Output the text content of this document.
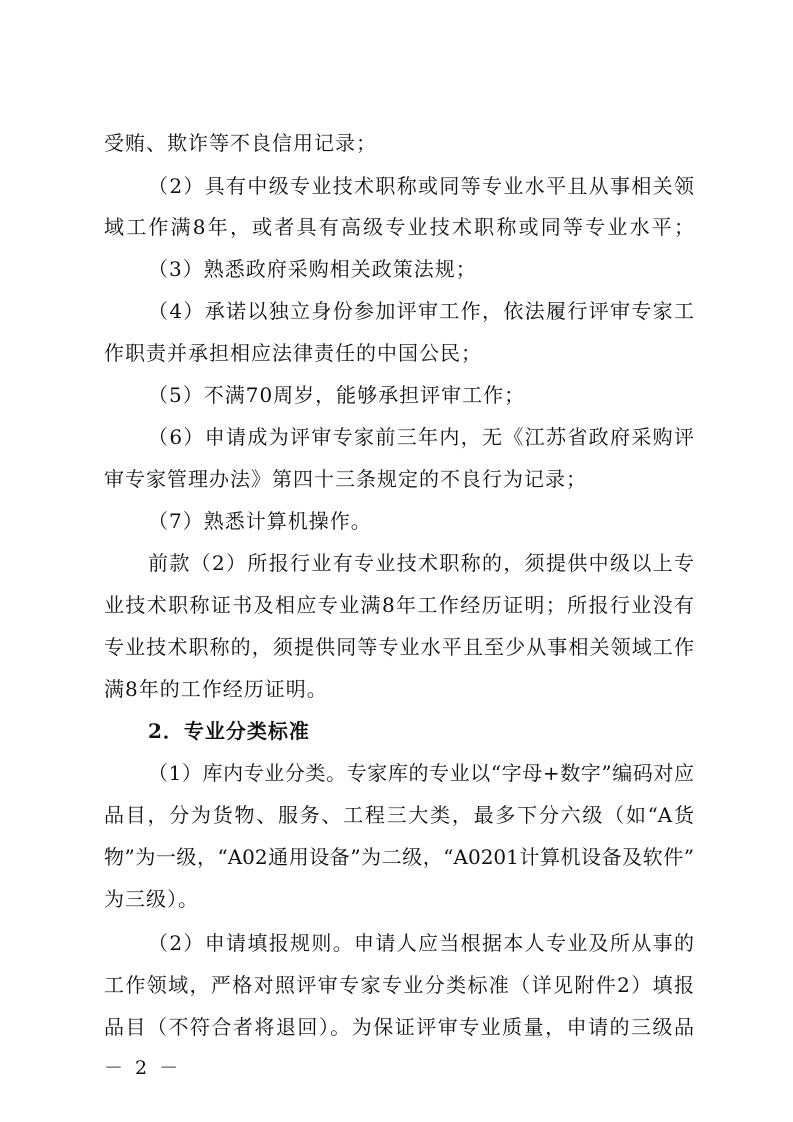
受贿、欺诈等不良信用记录；
（2）具有中级专业技术职称或同等专业水平且从事相关领
域工作满8年，或者具有高级专业技术职称或同等专业水平；
（3）熟悉政府采购相关政策法规；
（4）承诺以独立身份参加评审工作，依法履行评审专家工
作职责并承担相应法律责任的中国公民；
（5）不满70周岁，能够承担评审工作；
（6）申请成为评审专家前三年内，无《江苏省政府采购评
审专家管理办法》第四十三条规定的不良行为记录；
（7）熟悉计算机操作。
前款（2）所报行业有专业技术职称的，须提供中级以上专
业技术职称证书及相应专业满8年工作经历证明；所报行业没有
专业技术职称的，须提供同等专业水平且至少从事相关领域工作
满8年的工作经历证明。
2．专业分类标准
（1）库内专业分类。专家库的专业以“字母+数字”编码对应
品目，分为货物、服务、工程三大类，最多下分六级（如“A货
物”为一级，“A02通用设备”为二级，“A0201计算机设备及软件”
为三级）。
（2）申请填报规则。申请人应当根据本人专业及所从事的
工作领域，严格对照评审专家专业分类标准（详见附件2）填报
品目（不符合者将退回）。为保证评审专业质量，申请的三级品
－ 2 －
